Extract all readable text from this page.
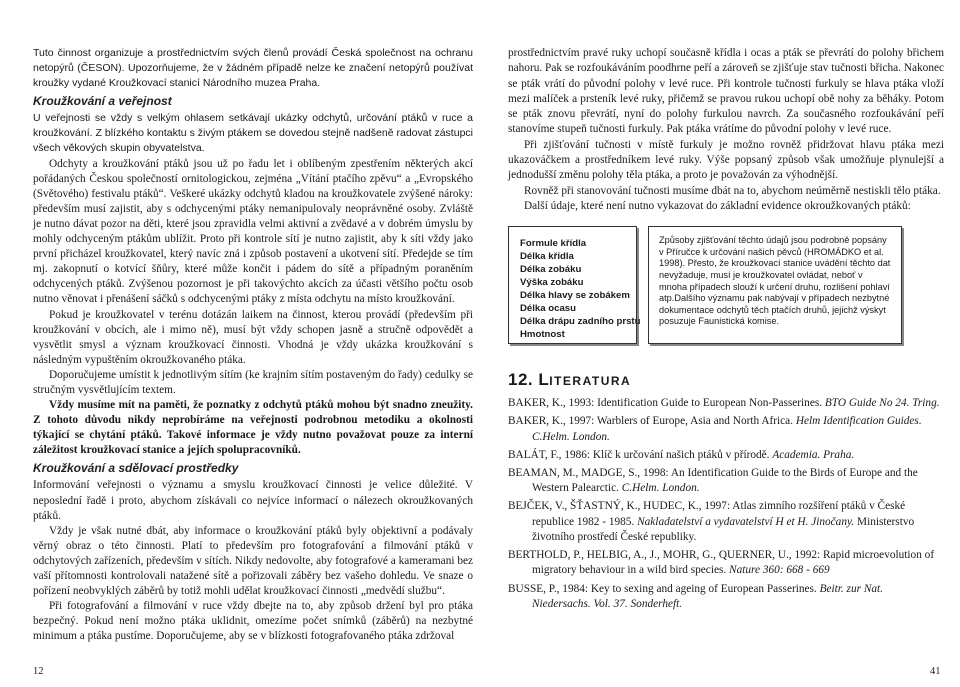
Tuto činnost organizuje a prostřednictvím svých členů provádí Česká společnost na ochranu netopýrů (ČESON). Upozorňujeme, že v žádném případě nelze ke značení netopýrů používat kroužky vydané Kroužkovací stanicí Národního muzea Praha.

Kroužkování a veřejnost

U veřejnosti se vždy s velkým ohlasem setkávají ukázky odchytů, určování ptáků v ruce a kroužkování. Z blízkého kontaktu s živým ptákem se dovedou stejně nadšeně radovat zástupci všech věkových skupin obyvatelstva.

Odchyty a kroužkování ptáků jsou už po řadu let i oblíbeným zpestřením některých akcí pořádaných Českou společností ornitologickou, zejména „Vítání ptačího zpěvu“ a „Evropského (Světového) festivalu ptáků“. Veškeré ukázky odchytů kladou na kroužkovatele zvýšené nároky: především musí zajistit, aby s odchycenými ptáky nemanipulovaly neoprávněné osoby. Zvláště je nutno dávat pozor na děti, které jsou zpravidla velmi aktivní a zvědavé a v dobrém úmyslu by mohly odchyceným ptákům ublížit. Proto při kontrole sítí je nutno zajistit, aby k síti vždy jako první přicházel kroužkovatel, který navíc zná i způsob postavení a ukotvení sítí. Předejde se tím mj. zakopnutí o kotvící šňůry, které může končit i pádem do sítě a případným poraněním odchycených ptáků. Zvýšenou pozornost je při takovýchto akcích za účasti většího počtu osob nutno věnovat i přenášení sáčků s odchycenými ptáky z místa odchytu na místo kroužkování.

Pokud je kroužkovatel v terénu dotázán laikem na činnost, kterou provádí (především při kroužkování v obcích, ale i mimo ně), musí být vždy schopen jasně a stručně odpovědět a vysvětlit smysl a význam kroužkovací činnosti. Vhodná je vždy ukázka kroužkování s následným vypuštěním okroužkovaného ptáka.

Doporučujeme umístit k jednotlivým sítím (ke krajním sítím postaveným do řady) cedulky se stručným vysvětlujícím textem.

Vždy musíme mít na paměti, že poznatky z odchytů ptáků mohou být snadno zneužity. Z tohoto důvodu nikdy neprobíráme na veřejnosti podrobnou metodiku a okolnosti týkající se chytání ptáků. Takové informace je vždy nutno považovat pouze za interní záležitost kroužkovací stanice a jejích spolupracovníků.

Kroužkování a sdělovací prostředky

Informování veřejnosti o významu a smyslu kroužkovací činnosti je velice důležité. V neposlední řadě i proto, abychom získávali co nejvíce informací o nálezech okroužkovaných ptáků.

Vždy je však nutné dbát, aby informace o kroužkování ptáků byly objektivní a podávaly věrný obraz o této činnosti. Platí to především pro fotografování a filmování ptáků v odchytových zařízeních, především v sítích. Nikdy nedovolte, aby fotografové a kameramani bez vaší přítomnosti kontrolovali natažené sítě a pořizovali záběry bez vašeho dohledu. Ve snaze o pořízení neobvyklých záběrů by totiž mohli udělat kroužkovací činnosti „medvědí službu“.

Při fotografování a filmování v ruce vždy dbejte na to, aby způsob držení byl pro ptáka bezpečný. Pokud není možno ptáka uklidnit, omezíme počet snímků (záběrů) na nezbytné minimum a ptáka pustíme. Doporučujeme, aby se v blízkosti fotografovaného ptáka zdržoval

prostřednictvím pravé ruky uchopí současně křídla i ocas a pták se převrátí do polohy břichem nahoru. Pak se rozfoukáváním poodhrne peří a zároveň se zjišťuje stav tučnosti břicha. Nakonec se pták vrátí do původní polohy v levé ruce. Při kontrole tučnosti furkuly se hlava ptáka vloží mezi malíček a prsteník levé ruky, přičemž se pravou rukou uchopí obě nohy za běháky. Potom se pták znovu převrátí, nyní do polohy furkulou navrch. Za současného rozfoukávání peří stanovíme stupeň tučnosti furkuly. Pak ptáka vrátíme do původní polohy v levé ruce.

Při zjišťování tučnosti v místě furkuly je možno rovněž přidržovat hlavu ptáka mezi ukazováčkem a prostředníkem levé ruky. Výše popsaný způsob však umožňuje plynulejší a jednodušší změnu polohy těla ptáka, a proto je považován za výhodnější.

Rovněž při stanovování tučnosti musíme dbát na to, abychom neúměrně nestiskli tělo ptáka.

Další údaje, které není nutno vykazovat do základní evidence okroužkovaných ptáků:

Formule křídla
Délka křídla
Délka zobáku
Výška zobáku
Délka hlavy se zobákem
Délka ocasu
Délka drápu zadního prstu
Hmotnost
Způsoby zjišťování těchto údajů jsou podrobně popsány v Příručce k určování našich pěvců (HROMÁDKO et al. 1998). Přesto, že kroužkovací stanice uvádění těchto dat nevyžaduje, musí je kroužkovatel ovládat, neboť v mnoha případech slouží k určení druhu, rozlišení pohlaví atp.Dalšího významu pak nabývají v případech nezbytné dokumentace odchytů těch ptačích druhů, jejichž výskyt posuzuje Faunistická komise.
12. LITERATURA
BAKER, K., 1993: Identification Guide to European Non-Passerines. BTO Guide No 24. Tring.
BAKER, K., 1997: Warblers of Europe, Asia and North Africa. Helm Identification Guides. C.Helm. London.
BALÁT, F., 1986: Klíč k určování našich ptáků v přírodě. Academia. Praha.
BEAMAN, M., MADGE, S., 1998: An Identification Guide to the Birds of Europe and the Western Palearctic. C.Helm. London.
BEJČEK, V., ŠŤASTNÝ, K., HUDEC, K., 1997: Atlas zimního rozšíření ptáků v České republice 1982 - 1985. Nakladatelství a vydavatelství H et H. Jinočany. Ministerstvo životního prostředí České republiky.
BERTHOLD, P., HELBIG, A., J., MOHR, G., QUERNER, U., 1992: Rapid microevolution of migratory behaviour in a wild bird species. Nature 360: 668 - 669
BUSSE, P., 1984: Key to sexing and ageing of European Passerines. Beitr. zur Nat. Niedersachs. Vol. 37. Sonderheft.
12	41
